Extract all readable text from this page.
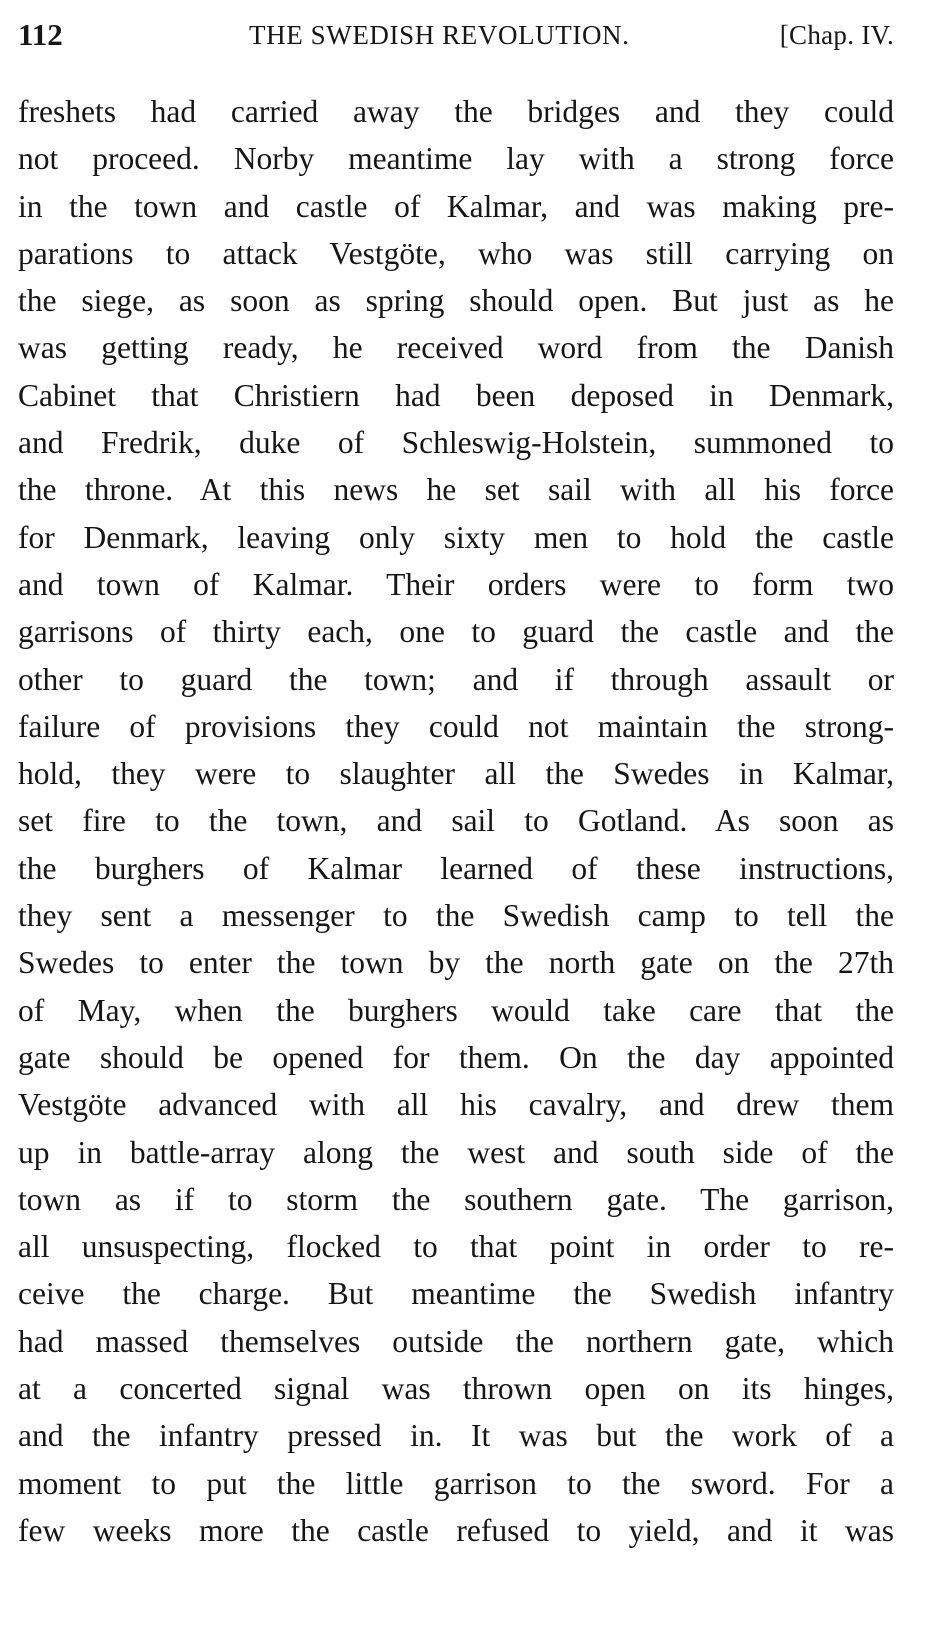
112	THE SWEDISH REVOLUTION.	[Chap. IV.
freshets had carried away the bridges and they could
not proceed. Norby meantime lay with a strong force
in the town and castle of Kalmar, and was making pre-
parations to attack Vestgöte, who was still carrying on
the siege, as soon as spring should open. But just as he
was getting ready, he received word from the Danish
Cabinet that Christiern had been deposed in Denmark,
and Fredrik, duke of Schleswig-Holstein, summoned to
the throne. At this news he set sail with all his force
for Denmark, leaving only sixty men to hold the castle
and town of Kalmar. Their orders were to form two
garrisons of thirty each, one to guard the castle and the
other to guard the town; and if through assault or
failure of provisions they could not maintain the strong-
hold, they were to slaughter all the Swedes in Kalmar,
set fire to the town, and sail to Gotland. As soon as
the burghers of Kalmar learned of these instructions,
they sent a messenger to the Swedish camp to tell the
Swedes to enter the town by the north gate on the 27th
of May, when the burghers would take care that the
gate should be opened for them. On the day appointed
Vestgöte advanced with all his cavalry, and drew them
up in battle-array along the west and south side of the
town as if to storm the southern gate. The garrison,
all unsuspecting, flocked to that point in order to re-
ceive the charge. But meantime the Swedish infantry
had massed themselves outside the northern gate, which
at a concerted signal was thrown open on its hinges,
and the infantry pressed in. It was but the work of a
moment to put the little garrison to the sword. For a
few weeks more the castle refused to yield, and it was
